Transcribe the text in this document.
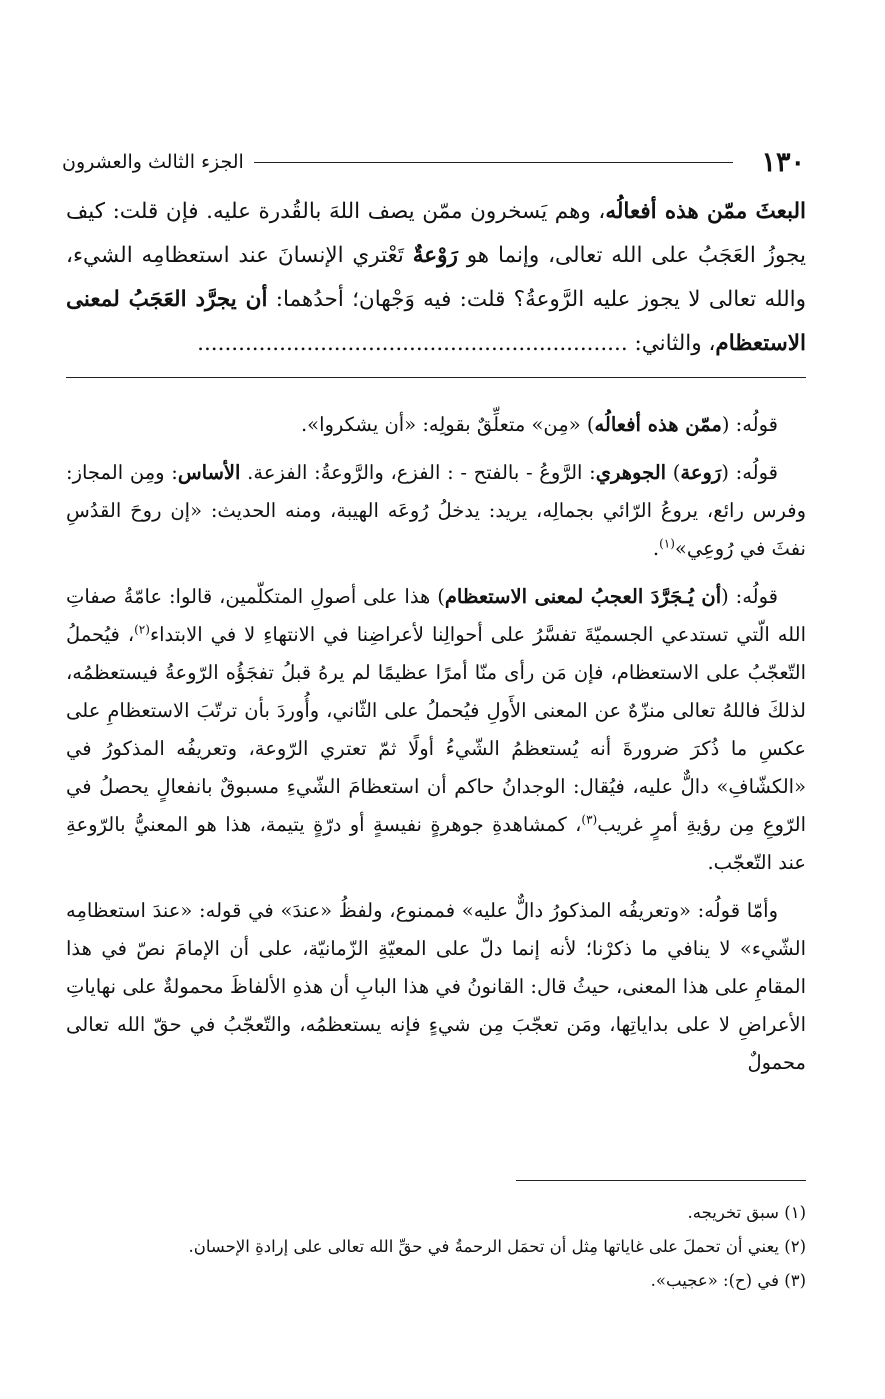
١٣٠
الجزء الثالث والعشرون

البعثَ ممّن هذه أفعالُه، وهم يَسخرون ممّن يصف اللهَ بالقُدرة عليه. فإن قلت: كيف يجوزُ العَجَبُ على الله تعالى، وإنما هو رَوْعةٌ تَعْتري الإنسانَ عند استعظامِه الشيء، والله تعالى لا يجوز عليه الرَّوعةُ؟ قلت: فيه وَجْهان؛ أحدُهما: أن يجرَّد العَجَبُ لمعنى الاستعظام، والثاني: ...............................................................

قولُه: (ممّن هذه أفعالُه) «مِن» متعلِّقٌ بقولِه: «أن يشكروا».

قولُه: (رَوعة) الجوهري: الرَّوعُ - بالفتح - : الفزع، والرَّوعةُ: الفزعة. الأساس: ومِن المجاز: وفرس رائع، يروعُ الرّائي بجمالِه، يريد: يدخلُ رُوعَه الهيبة، ومنه الحديث: «إن روحَ القدُسِ نفثَ في رُوعِي»$^{(١)}$.

قولُه: (أن يُـجَرَّدَ العجبُ لمعنى الاستعظام) هذا على أصولِ المتكلّمين، قالوا: عامّةُ صفاتِ الله الّتي تستدعي الجسميّةَ تفسَّرُ على أحوالِنا لأعراضِنا في الانتهاءِ لا في الابتداء$^{(٢)}$، فيُحملُ التّعجّبُ على الاستعظام، فإن مَن رأى منّا أمرًا عظيمًا لم يرهُ قبلُ تفجَؤُه الرّوعةُ فيستعظمُه، لذلكَ فاللهُ تعالى منزّهٌ عن المعنى الأَولِ فيُحملُ على الثّاني، وأُوردَ بأن ترتّبَ الاستعظامِ على عكسِ ما ذُكرَ ضرورةَ أنه يُستعظمُ الشّيءُ أولًا ثمّ تعتري الرّوعة، وتعريفُه المذكورُ في «الكشّافِ» دالٌّ عليه، فيُقال: الوجدانُ حاكم أن استعظامَ الشّيءِ مسبوقٌ بانفعالٍ يحصلُ في الرّوعِ مِن رؤيةِ أمرٍ غريب$^{(٣)}$، كمشاهدةِ جوهرةٍ نفيسةٍ أو درّةٍ يتيمة، هذا هو المعنيُّ بالرّوعةِ عند التّعجّب.

وأمّا قولُه: «وتعريفُه المذكورُ دالٌّ عليه» فممنوع، ولفظُ «عندَ» في قوله: «عندَ استعظامِه الشّيء» لا ينافي ما ذكرْنا؛ لأنه إنما دلّ على المعيّةِ الزّمانيّة، على أن الإمامَ نصّ في هذا المقامِ على هذا المعنى، حيثُ قال: القانونُ في هذا البابِ أن هذهِ الألفاظَ محمولةٌ على نهاياتِ الأعراضِ لا على بداياتِها، ومَن تعجّبَ مِن شيءٍ فإنه يستعظمُه، والتّعجّبُ في حقّ الله تعالى محمولٌ

(١) سبق تخريجه.

(٢) يعني أن تحملَ على غاياتها مِثل أن تحمَل الرحمةُ في حقِّ الله تعالى على إرادةِ الإحسان.

(٣) في (ح): «عجيب».
